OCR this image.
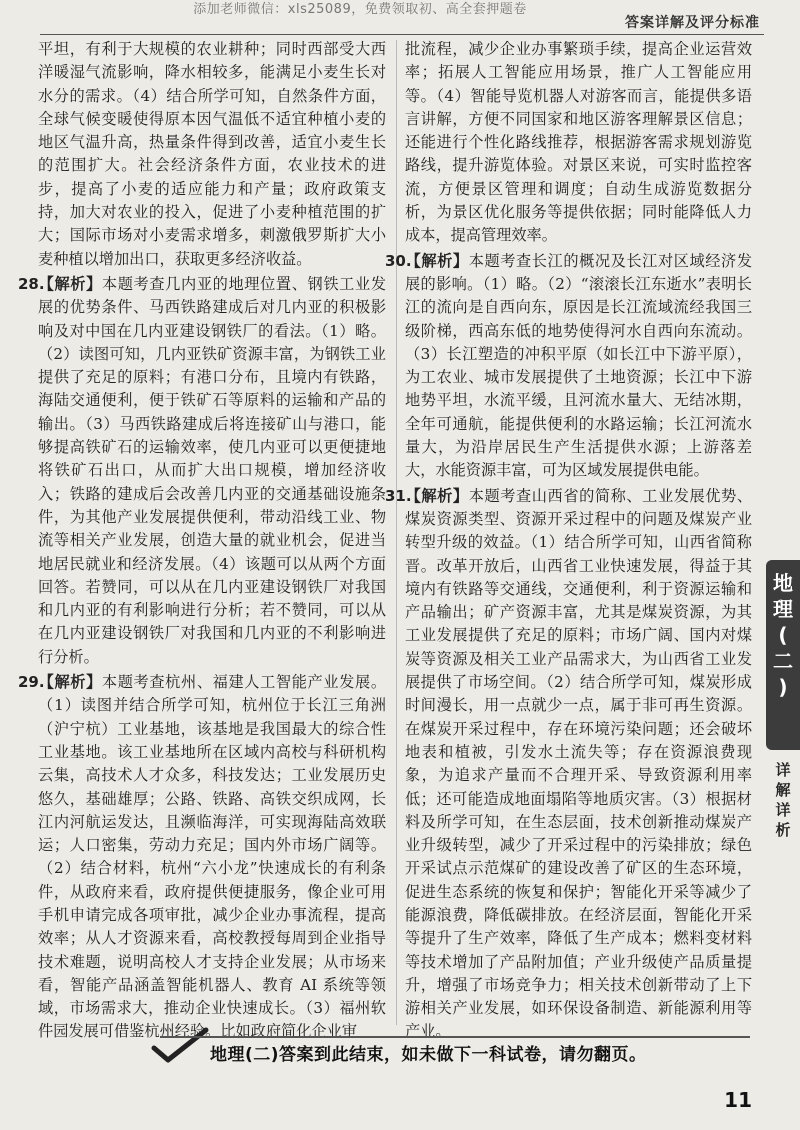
添加老师微信：xls25089，免费领取初、高全套押题卷
答案详解及评分标准

平坦，有利于大规模的农业耕种；同时西部受大西洋暖湿气流影响，降水相较多，能满足小麦生长对水分的需求。（4）结合所学可知，自然条件方面，全球气候变暖使得原本因气温低不适宜种植小麦的地区气温升高，热量条件得到改善，适宜小麦生长的范围扩大。社会经济条件方面，农业技术的进步，提高了小麦的适应能力和产量；政府政策支持，加大对农业的投入，促进了小麦种植范围的扩大；国际市场对小麦需求增多，刺激俄罗斯扩大小麦种植以增加出口，获取更多经济收益。

28.【解析】本题考查几内亚的地理位置、钢铁工业发展的优势条件、马西铁路建成后对几内亚的积极影响及对中国在几内亚建设钢铁厂的看法。（1）略。（2）读图可知，几内亚铁矿资源丰富，为钢铁工业提供了充足的原料；有港口分布，且境内有铁路，海陆交通便利，便于铁矿石等原料的运输和产品的输出。（3）马西铁路建成后将连接矿山与港口，能够提高铁矿石的运输效率，使几内亚可以更便捷地将铁矿石出口，从而扩大出口规模，增加经济收入；铁路的建成后会改善几内亚的交通基础设施条件，为其他产业发展提供便利，带动沿线工业、物流等相关产业发展，创造大量的就业机会，促进当地居民就业和经济发展。（4）该题可以从两个方面回答。若赞同，可以从在几内亚建设钢铁厂对我国和几内亚的有利影响进行分析；若不赞同，可以从在几内亚建设钢铁厂对我国和几内亚的不利影响进行分析。

29.【解析】本题考查杭州、福建人工智能产业发展。（1）读图并结合所学可知，杭州位于长江三角洲（沪宁杭）工业基地，该基地是我国最大的综合性工业基地。该工业基地所在区域内高校与科研机构云集，高技术人才众多，科技发达；工业发展历史悠久，基础雄厚；公路、铁路、高铁交织成网，长江内河航运发达，且濒临海洋，可实现海陆高效联运；人口密集，劳动力充足；国内外市场广阔等。（2）结合材料，杭州“六小龙”快速成长的有利条件，从政府来看，政府提供便捷服务，像企业可用手机申请完成各项审批，减少企业办事流程，提高效率；从人才资源来看，高校教授每周到企业指导技术难题，说明高校人才支持企业发展；从市场来看，智能产品涵盖智能机器人、教育 AI 系统等领域，市场需求大，推动企业快速成长。（3）福州软件园发展可借鉴杭州经验。比如政府简化企业审

批流程，减少企业办事繁琐手续，提高企业运营效率；拓展人工智能应用场景，推广人工智能应用等。（4）智能导览机器人对游客而言，能提供多语言讲解，方便不同国家和地区游客理解景区信息；还能进行个性化路线推荐，根据游客需求规划游览路线，提升游览体验。对景区来说，可实时监控客流，方便景区管理和调度；自动生成游览数据分析，为景区优化服务等提供依据；同时能降低人力成本，提高管理效率。

30.【解析】本题考查长江的概况及长江对区域经济发展的影响。（1）略。（2）“滚滚长江东逝水”表明长江的流向是自西向东，原因是长江流域流经我国三级阶梯，西高东低的地势使得河水自西向东流动。（3）长江塑造的冲积平原（如长江中下游平原），为工农业、城市发展提供了土地资源；长江中下游地势平坦，水流平缓，且河流水量大、无结冰期，全年可通航，能提供便利的水路运输；长江河流水量大，为沿岸居民生产生活提供水源；上游落差大，水能资源丰富，可为区域发展提供电能。

31.【解析】本题考查山西省的简称、工业发展优势、煤炭资源类型、资源开采过程中的问题及煤炭产业转型升级的效益。（1）结合所学可知，山西省简称晋。改革开放后，山西省工业快速发展，得益于其境内有铁路等交通线，交通便利，利于资源运输和产品输出；矿产资源丰富，尤其是煤炭资源，为其工业发展提供了充足的原料；市场广阔、国内对煤炭等资源及相关工业产品需求大，为山西省工业发展提供了市场空间。（2）结合所学可知，煤炭形成时间漫长，用一点就少一点，属于非可再生资源。在煤炭开采过程中，存在环境污染问题；还会破坏地表和植被，引发水土流失等；存在资源浪费现象，为追求产量而不合理开采、导致资源利用率低；还可能造成地面塌陷等地质灾害。（3）根据材料及所学可知，在生态层面，技术创新推动煤炭产业升级转型，减少了开采过程中的污染排放；绿色开采试点示范煤矿的建设改善了矿区的生态环境，促进生态系统的恢复和保护；智能化开采等减少了能源浪费，降低碳排放。在经济层面，智能化开采等提升了生产效率，降低了生产成本；燃料变材料等技术增加了产品附加值；产业升级使产品质量提升，增强了市场竞争力；相关技术创新带动了上下游相关产业发展，如环保设备制造、新能源利用等产业。

地
理
(
二
)
详
解
详
析
地理(二)答案到此结束，如未做下一科试卷，请勿翻页。
11
